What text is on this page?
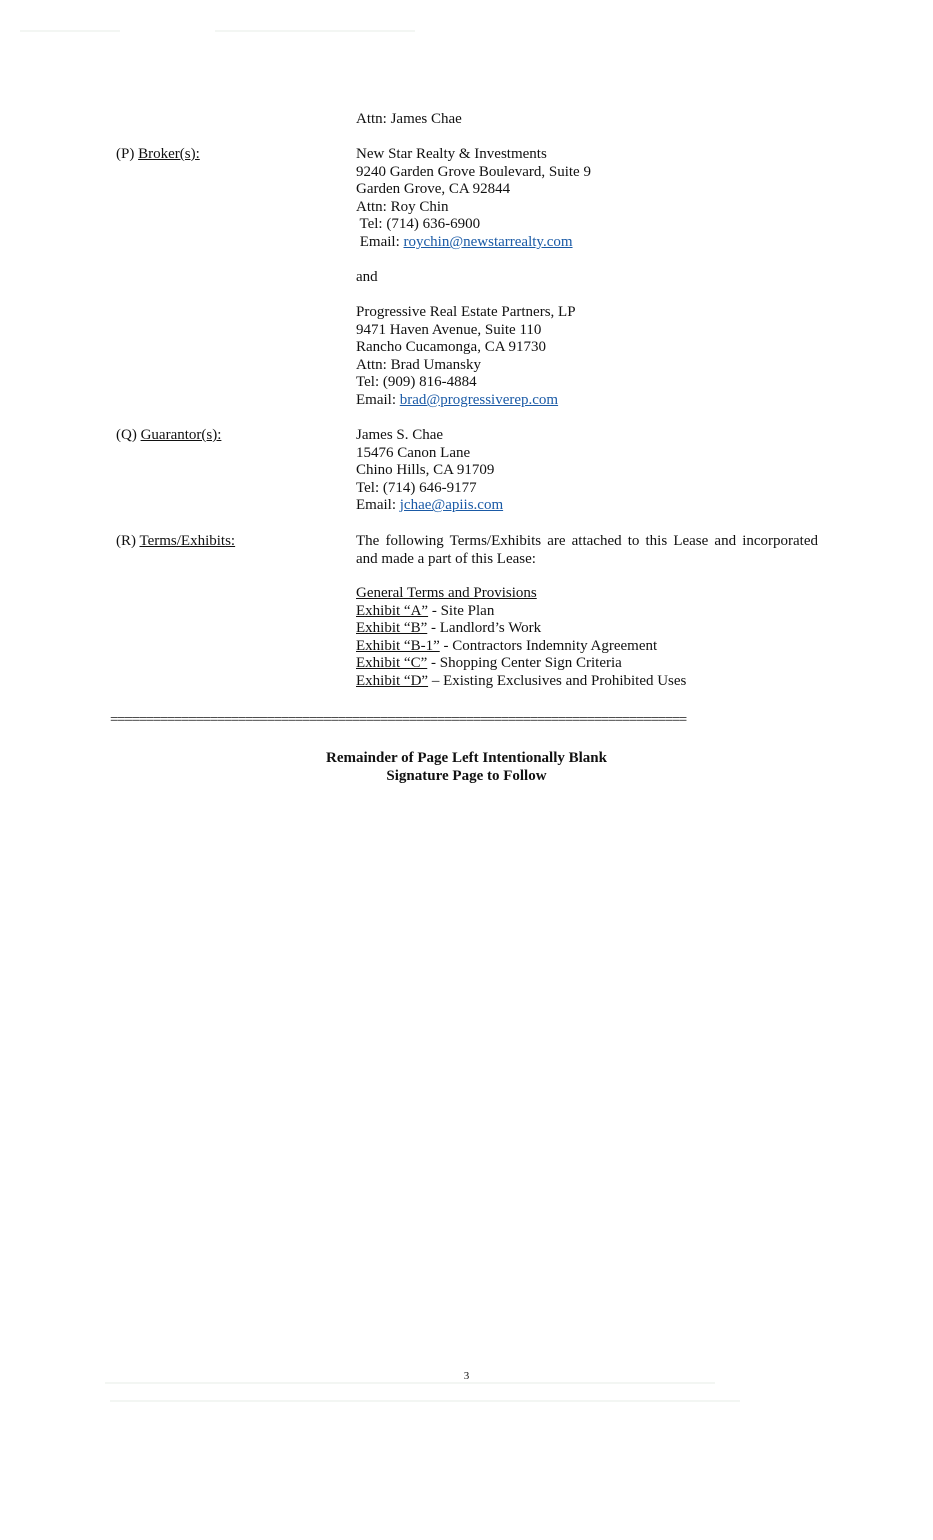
Attn: James Chae
(P) Broker(s):	New Star Realty & Investments
9240 Garden Grove Boulevard, Suite 9
Garden Grove, CA 92844
Attn: Roy Chin
Tel: (714) 636-6900
Email: roychin@newstarrealty.com
and
Progressive Real Estate Partners, LP
9471 Haven Avenue, Suite 110
Rancho Cucamonga, CA 91730
Attn: Brad Umansky
Tel: (909) 816-4884
Email: brad@progressiverep.com
(Q) Guarantor(s):	James S. Chae
15476 Canon Lane
Chino Hills, CA 91709
Tel: (714) 646-9177
Email: jchae@apiis.com
(R) Terms/Exhibits:	The following Terms/Exhibits are attached to this Lease and incorporated and made a part of this Lease:
General Terms and Provisions
Exhibit “A” - Site Plan
Exhibit “B” - Landlord’s Work
Exhibit “B-1” - Contractors Indemnity Agreement
Exhibit “C” - Shopping Center Sign Criteria
Exhibit “D” – Existing Exclusives and Prohibited Uses
=================================================================================
Remainder of Page Left Intentionally Blank
Signature Page to Follow
3
